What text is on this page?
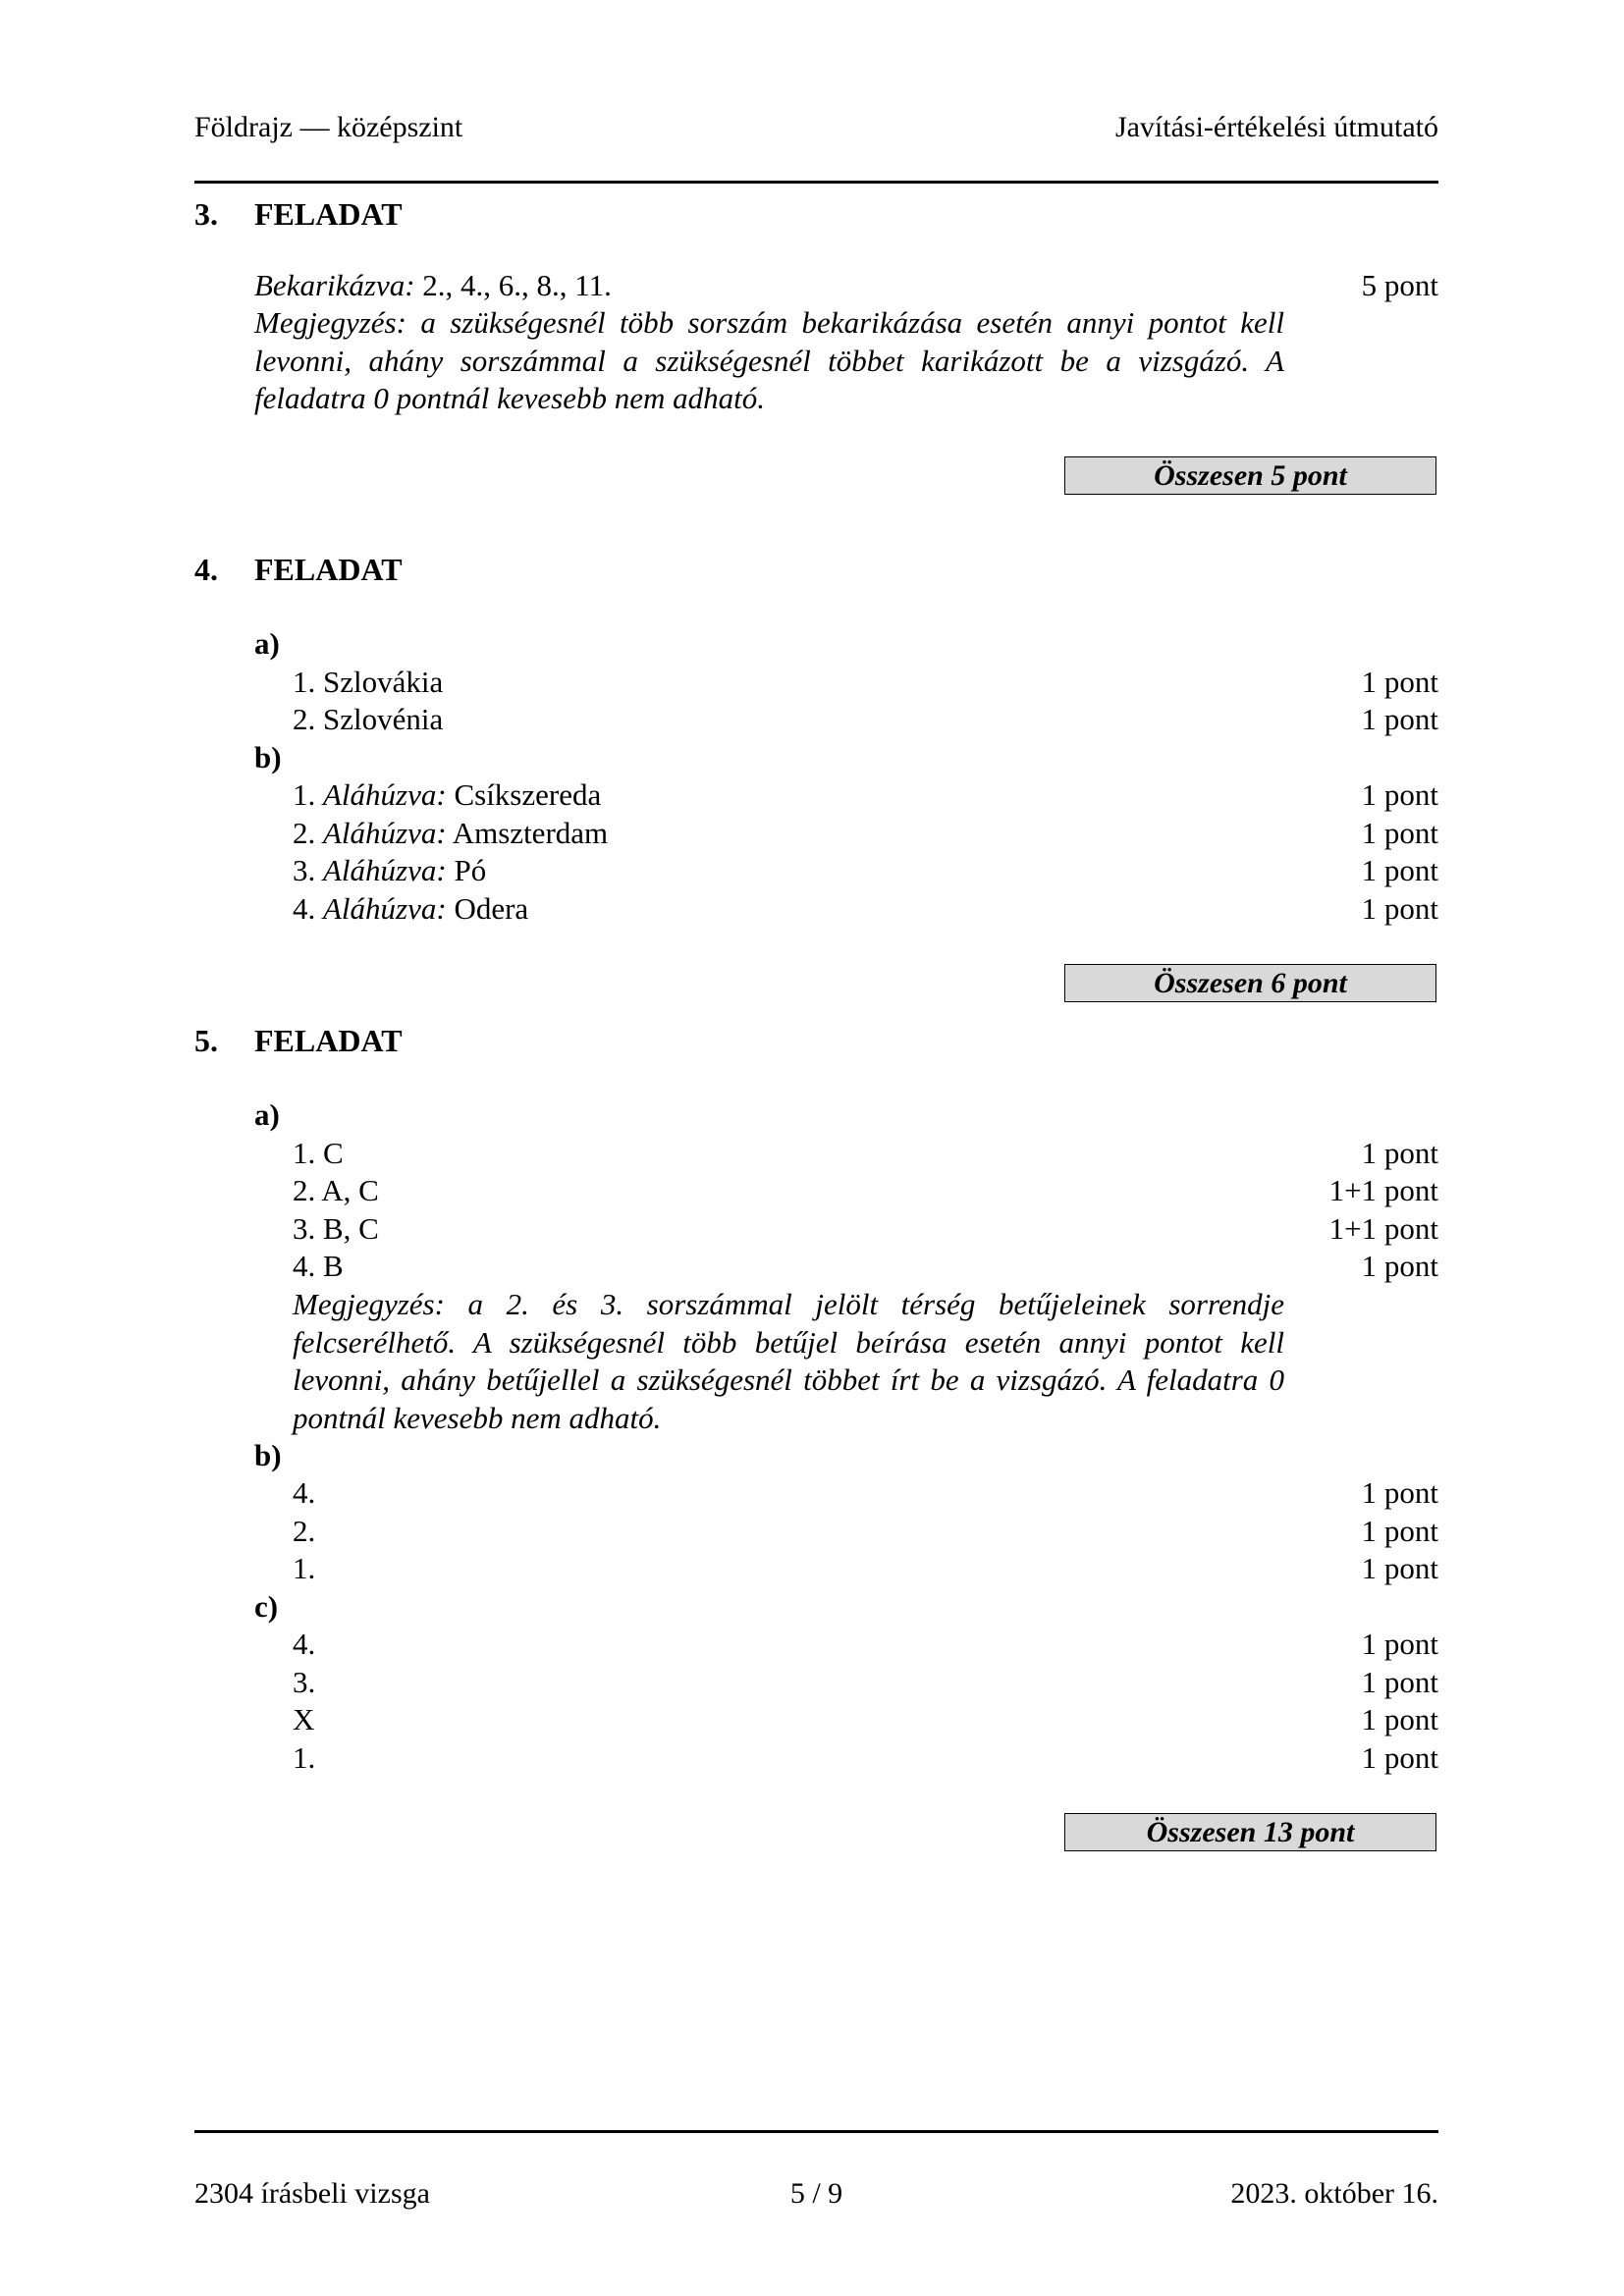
Földrajz — középszint	Javítási-értékelési útmutató
3. FELADAT
Bekarikázva: 2., 4., 6., 8., 11.	5 pont

Megjegyzés: a szükségesnél több sorszám bekarikázása esetén annyi pontot kell levonni, ahány sorszámmal a szükségesnél többet karikázott be a vizsgázó. A feladatra 0 pontnál kevesebb nem adható.

Összesen 5 pont
4. FELADAT
a)
1. Szlovákia	1 pont
2. Szlovénia	1 pont
b)
1. Aláhúzva: Csíkszereda	1 pont
2. Aláhúzva: Amszterdam	1 pont
3. Aláhúzva: Pó	1 pont
4. Aláhúzva: Odera	1 pont
Összesen 6 pont
5. FELADAT
a)
1. C	1 pont
2. A, C	1+1 pont
3. B, C	1+1 pont
4. B	1 pont

Megjegyzés: a 2. és 3. sorszámmal jelölt térség betűjeleinek sorrendje felcserélhető. A szükségesnél több betűjel beírása esetén annyi pontot kell levonni, ahány betűjellel a szükségesnél többet írt be a vizsgázó. A feladatra 0 pontnál kevesebb nem adható.

b)
4.	1 pont
2.	1 pont
1.	1 pont
c)
4.	1 pont
3.	1 pont
X	1 pont
1.	1 pont
Összesen 13 pont
2304 írásbeli vizsga	5 / 9	2023. október 16.
